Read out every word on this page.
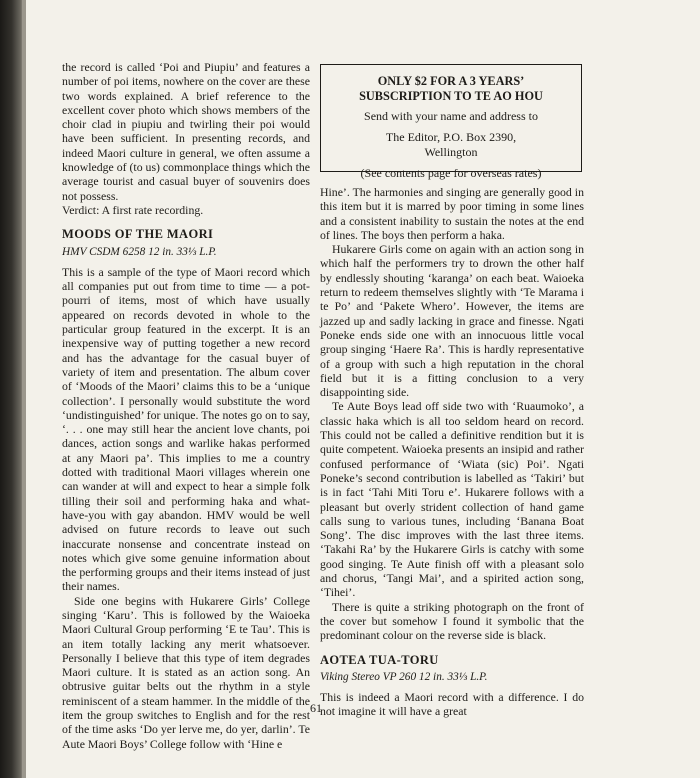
the record is called ‘Poi and Piupiu’ and features a number of poi items, nowhere on the cover are these two words explained. A brief reference to the excellent cover photo which shows members of the choir clad in piupiu and twirling their poi would have been sufficient. In presenting records, and indeed Maori culture in general, we often assume a knowledge of (to us) commonplace things which the average tourist and casual buyer of souvenirs does not possess.

Verdict: A first rate recording.

MOODS OF THE MAORI

HMV CSDM 6258 12 in. 33⅓ L.P.

This is a sample of the type of Maori record which all companies put out from time to time — a pot-pourri of items, most of which have usually appeared on records devoted in whole to the particular group featured in the excerpt. It is an inexpensive way of putting together a new record and has the advantage for the casual buyer of variety of item and presentation. The album cover of ‘Moods of the Maori’ claims this to be a ‘unique collection’. I personally would substitute the word ‘undistinguished’ for unique. The notes go on to say, ‘. . . one may still hear the ancient love chants, poi dances, action songs and warlike hakas performed at any Maori pa’. This implies to me a country dotted with traditional Maori villages wherein one can wander at will and expect to hear a simple folk tilling their soil and performing haka and what-have-you with gay abandon. HMV would be well advised on future records to leave out such inaccurate nonsense and concentrate instead on notes which give some genuine information about the performing groups and their items instead of just their names.

Side one begins with Hukarere Girls’ College singing ‘Karu’. This is followed by the Waioeka Maori Cultural Group performing ‘E te Tau’. This is an item totally lacking any merit whatsoever. Personally I believe that this type of item degrades Maori culture. It is stated as an action song. An obtrusive guitar belts out the rhythm in a style reminiscent of a steam hammer. In the middle of the item the group switches to English and for the rest of the time asks ‘Do yer lerve me, do yer, darlin’. Te Aute Maori Boys’ College follow with ‘Hine e

ONLY $2 FOR A 3 YEARS’
SUBSCRIPTION TO TE AO HOU
Send with your name and address to
The Editor, P.O. Box 2390,
Wellington
(See contents page for overseas rates)

Hine’. The harmonies and singing are generally good in this item but it is marred by poor timing in some lines and a consistent inability to sustain the notes at the end of lines. The boys then perform a haka.

Hukarere Girls come on again with an action song in which half the performers try to drown the other half by endlessly shouting ‘karanga’ on each beat. Waioeka return to redeem themselves slightly with ‘Te Marama i te Po’ and ‘Pakete Whero’. However, the items are jazzed up and sadly lacking in grace and finesse. Ngati Poneke ends side one with an innocuous little vocal group singing ‘Haere Ra’. This is hardly representative of a group with such a high reputation in the choral field but it is a fitting conclusion to a very disappointing side.

Te Aute Boys lead off side two with ‘Ruaumoko’, a classic haka which is all too seldom heard on record. This could not be called a definitive rendition but it is quite competent. Waioeka presents an insipid and rather confused performance of ‘Wiata (sic) Poi’. Ngati Poneke’s second contribution is labelled as ‘Takiri’ but is in fact ‘Tahi Miti Toru e’. Hukarere follows with a pleasant but overly strident collection of hand game calls sung to various tunes, including ‘Banana Boat Song’. The disc improves with the last three items. ‘Takahi Ra’ by the Hukarere Girls is catchy with some good singing. Te Aute finish off with a pleasant solo and chorus, ‘Tangi Mai’, and a spirited action song, ‘Tihei’.

There is quite a striking photograph on the front of the cover but somehow I found it symbolic that the predominant colour on the reverse side is black.

AOTEA TUA-TORU

Viking Stereo VP 260 12 in. 33⅓ L.P.

This is indeed a Maori record with a difference. I do not imagine it will have a great

61
